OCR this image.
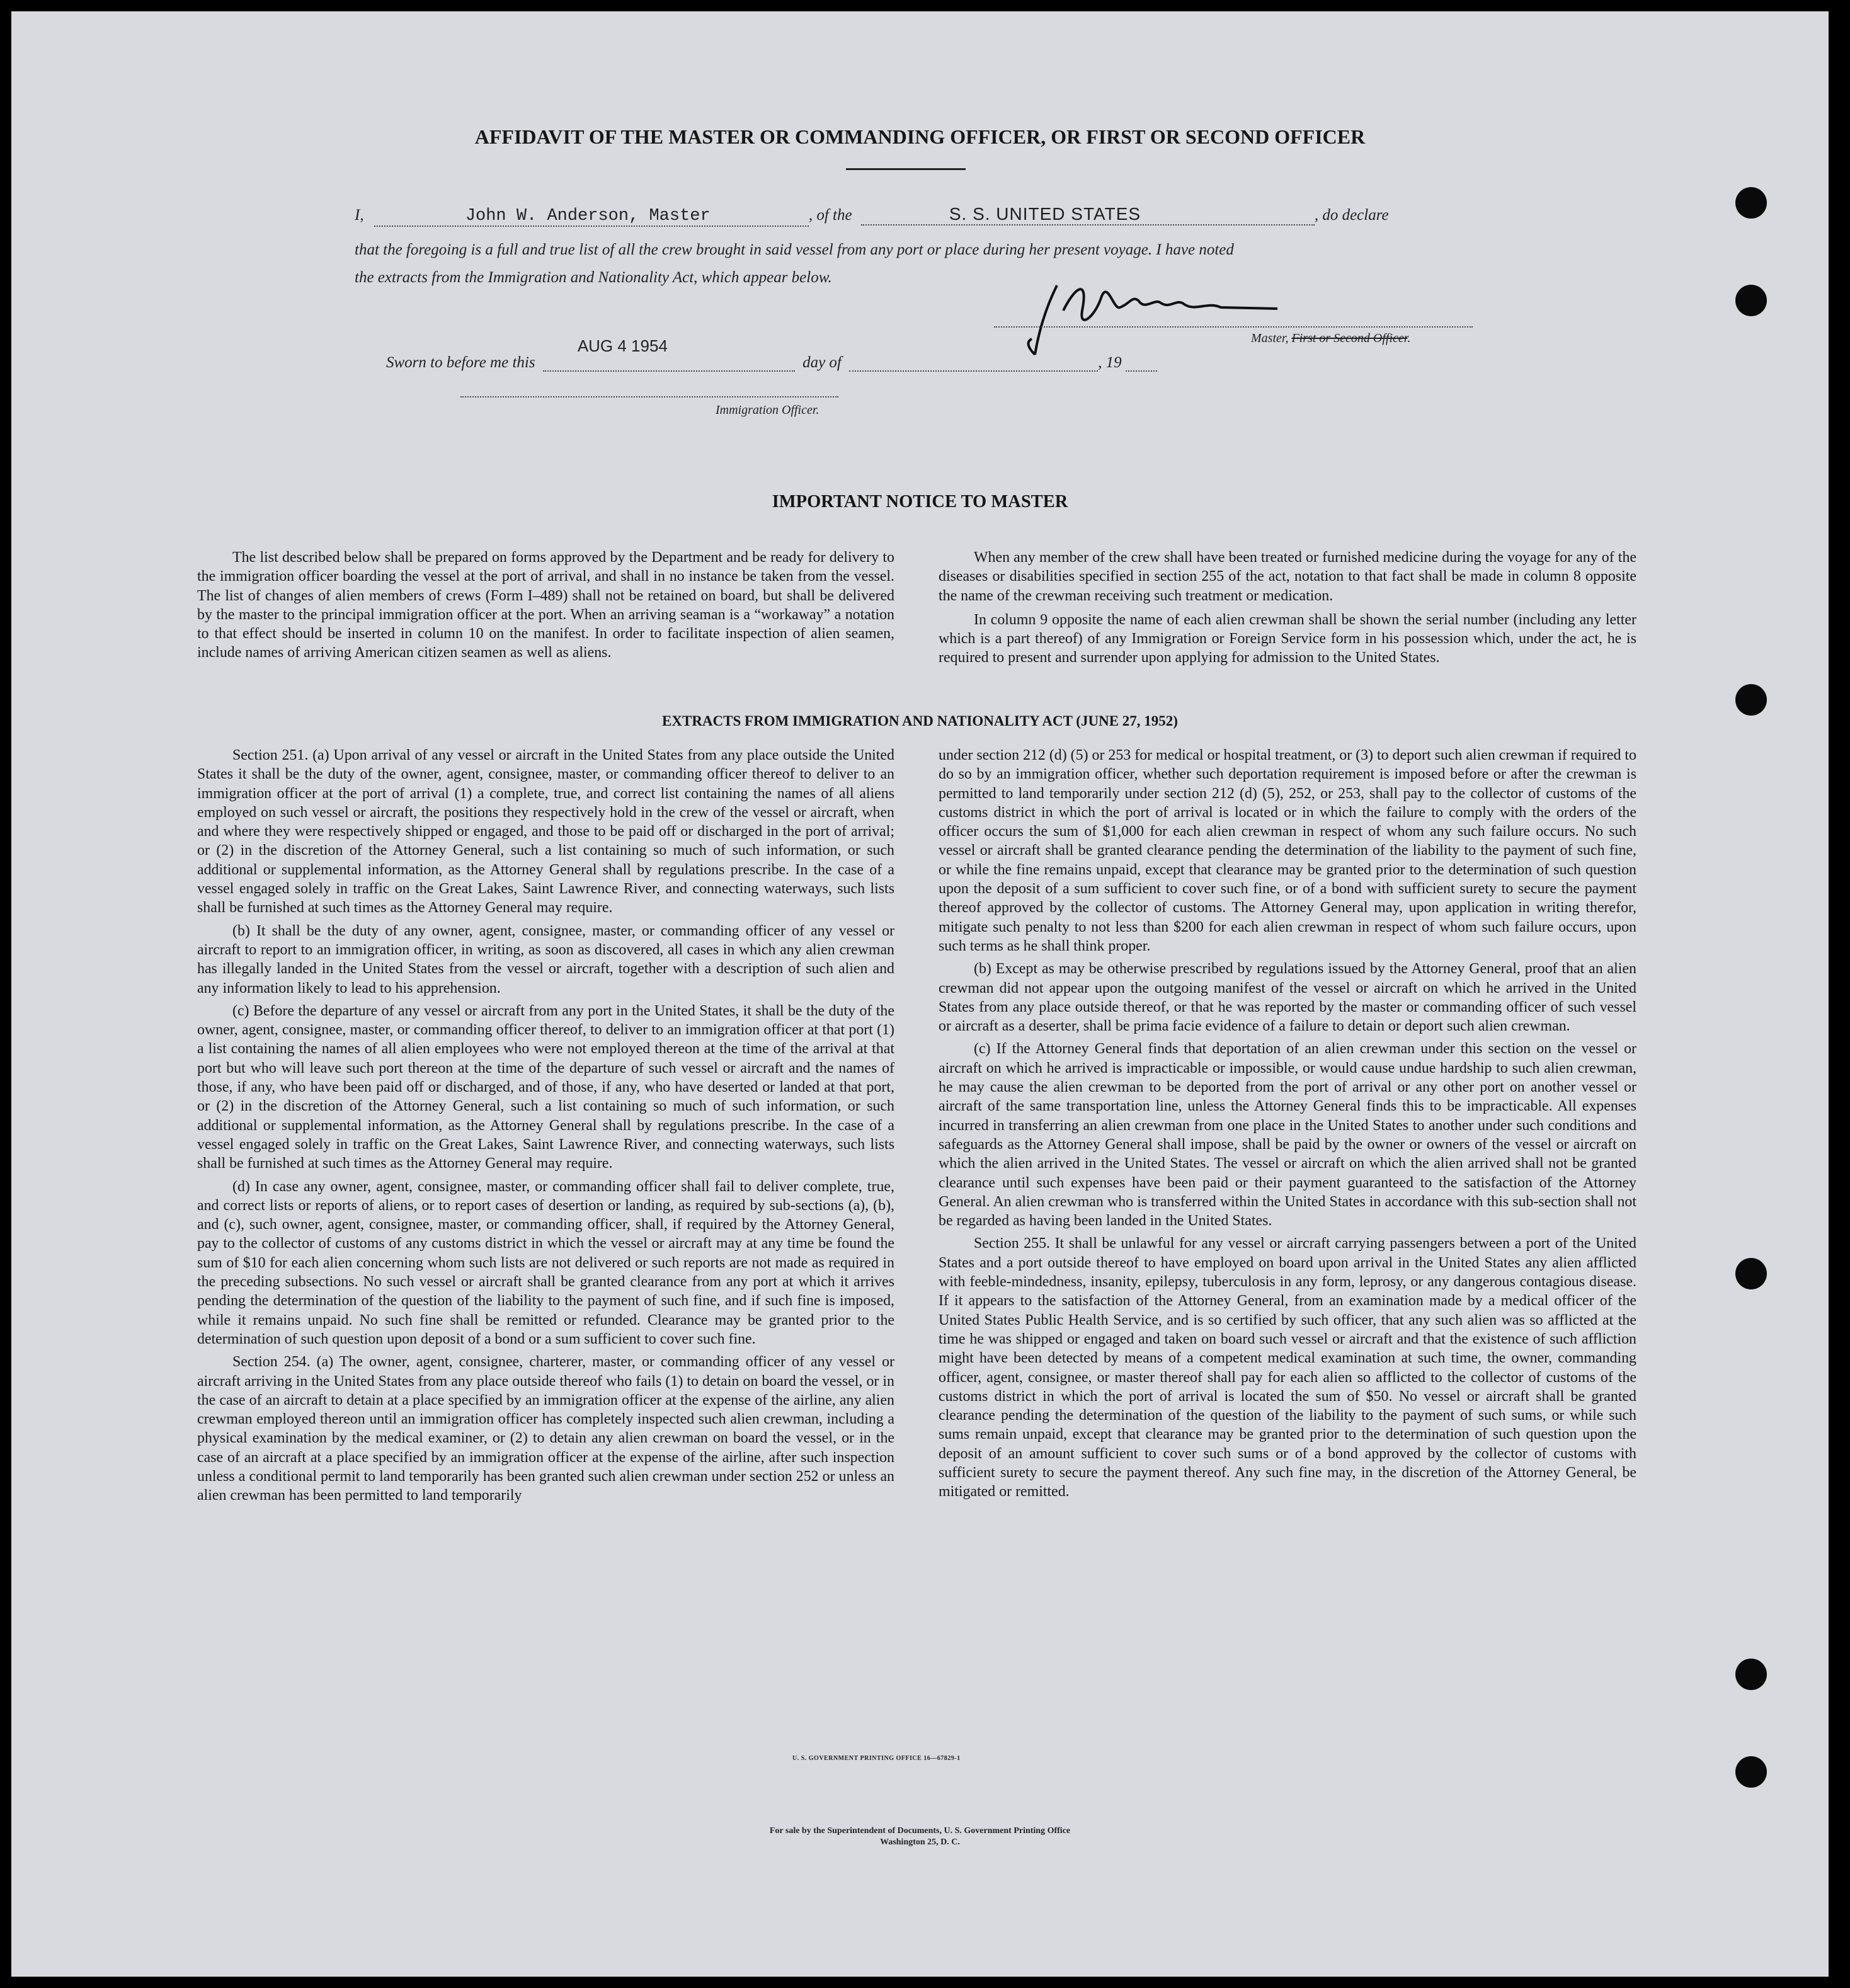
AFFIDAVIT OF THE MASTER OR COMMANDING OFFICER, OR FIRST OR SECOND OFFICER
I,	John W. Anderson, Master	, of the	S. S. UNITED STATES	, do declare
that the foregoing is a full and true list of all the crew brought in said vessel from any port or place during her present voyage. I have noted
the extracts from the Immigration and Nationality Act, which appear below.
Master, First or Second Officer.
Sworn to before me this
AUG 4 1954
day of	, 19
Immigration Officer.
IMPORTANT NOTICE TO MASTER

The list described below shall be prepared on forms approved by the Department and be ready for delivery to the immigration officer boarding the vessel at the port of arrival, and shall in no instance be taken from the vessel. The list of changes of alien members of crews (Form I–489) shall not be retained on board, but shall be delivered by the master to the principal immigration officer at the port. When an arriving seaman is a “workaway” a notation to that effect should be inserted in column 10 on the manifest. In order to facilitate inspection of alien seamen, include names of arriving American citizen seamen as well as aliens.

When any member of the crew shall have been treated or furnished medicine during the voyage for any of the diseases or disabilities specified in section 255 of the act, notation to that fact shall be made in column 8 opposite the name of the crewman receiving such treatment or medication.

In column 9 opposite the name of each alien crewman shall be shown the serial number (including any letter which is a part thereof) of any Immigration or Foreign Service form in his possession which, under the act, he is required to present and surrender upon applying for admission to the United States.

EXTRACTS FROM IMMIGRATION AND NATIONALITY ACT (JUNE 27, 1952)

Section 251. (a) Upon arrival of any vessel or aircraft in the United States from any place outside the United States it shall be the duty of the owner, agent, consignee, master, or commanding officer thereof to deliver to an immigration officer at the port of arrival (1) a complete, true, and correct list containing the names of all aliens employed on such vessel or aircraft, the positions they respectively hold in the crew of the vessel or aircraft, when and where they were respectively shipped or engaged, and those to be paid off or discharged in the port of arrival; or (2) in the discretion of the Attorney General, such a list containing so much of such information, or such additional or supplemental information, as the Attorney General shall by regulations prescribe. In the case of a vessel engaged solely in traffic on the Great Lakes, Saint Lawrence River, and connecting waterways, such lists shall be furnished at such times as the Attorney General may require.

(b) It shall be the duty of any owner, agent, consignee, master, or commanding officer of any vessel or aircraft to report to an immigration officer, in writing, as soon as discovered, all cases in which any alien crewman has illegally landed in the United States from the vessel or aircraft, together with a description of such alien and any information likely to lead to his apprehension.

(c) Before the departure of any vessel or aircraft from any port in the United States, it shall be the duty of the owner, agent, consignee, master, or commanding officer thereof, to deliver to an immigration officer at that port (1) a list containing the names of all alien employees who were not employed thereon at the time of the arrival at that port but who will leave such port thereon at the time of the departure of such vessel or aircraft and the names of those, if any, who have been paid off or discharged, and of those, if any, who have deserted or landed at that port, or (2) in the discretion of the Attorney General, such a list containing so much of such information, or such additional or supplemental information, as the Attorney General shall by regulations prescribe. In the case of a vessel engaged solely in traffic on the Great Lakes, Saint Lawrence River, and connecting waterways, such lists shall be furnished at such times as the Attorney General may require.

(d) In case any owner, agent, consignee, master, or commanding officer shall fail to deliver complete, true, and correct lists or reports of aliens, or to report cases of desertion or landing, as required by sub-sections (a), (b), and (c), such owner, agent, consignee, master, or commanding officer, shall, if required by the Attorney General, pay to the collector of customs of any customs district in which the vessel or aircraft may at any time be found the sum of $10 for each alien concerning whom such lists are not delivered or such reports are not made as required in the preceding subsections. No such vessel or aircraft shall be granted clearance from any port at which it arrives pending the determination of the question of the liability to the payment of such fine, and if such fine is imposed, while it remains unpaid. No such fine shall be remitted or refunded. Clearance may be granted prior to the determination of such question upon deposit of a bond or a sum sufficient to cover such fine.

Section 254. (a) The owner, agent, consignee, charterer, master, or commanding officer of any vessel or aircraft arriving in the United States from any place outside thereof who fails (1) to detain on board the vessel, or in the case of an aircraft to detain at a place specified by an immigration officer at the expense of the airline, any alien crewman employed thereon until an immigration officer has completely inspected such alien crewman, including a physical examination by the medical examiner, or (2) to detain any alien crewman on board the vessel, or in the case of an aircraft at a place specified by an immigration officer at the expense of the airline, after such inspection unless a conditional permit to land temporarily has been granted such alien crewman under section 252 or unless an alien crewman has been permitted to land temporarily

under section 212 (d) (5) or 253 for medical or hospital treatment, or (3) to deport such alien crewman if required to do so by an immigration officer, whether such deportation requirement is imposed before or after the crewman is permitted to land temporarily under section 212 (d) (5), 252, or 253, shall pay to the collector of customs of the customs district in which the port of arrival is located or in which the failure to comply with the orders of the officer occurs the sum of $1,000 for each alien crewman in respect of whom any such failure occurs. No such vessel or aircraft shall be granted clearance pending the determination of the liability to the payment of such fine, or while the fine remains unpaid, except that clearance may be granted prior to the determination of such question upon the deposit of a sum sufficient to cover such fine, or of a bond with sufficient surety to secure the payment thereof approved by the collector of customs. The Attorney General may, upon application in writing therefor, mitigate such penalty to not less than $200 for each alien crewman in respect of whom such failure occurs, upon such terms as he shall think proper.

(b) Except as may be otherwise prescribed by regulations issued by the Attorney General, proof that an alien crewman did not appear upon the outgoing manifest of the vessel or aircraft on which he arrived in the United States from any place outside thereof, or that he was reported by the master or commanding officer of such vessel or aircraft as a deserter, shall be prima facie evidence of a failure to detain or deport such alien crewman.

(c) If the Attorney General finds that deportation of an alien crewman under this section on the vessel or aircraft on which he arrived is impracticable or impossible, or would cause undue hardship to such alien crewman, he may cause the alien crewman to be deported from the port of arrival or any other port on another vessel or aircraft of the same transportation line, unless the Attorney General finds this to be impracticable. All expenses incurred in transferring an alien crewman from one place in the United States to another under such conditions and safeguards as the Attorney General shall impose, shall be paid by the owner or owners of the vessel or aircraft on which the alien arrived in the United States. The vessel or aircraft on which the alien arrived shall not be granted clearance until such expenses have been paid or their payment guaranteed to the satisfaction of the Attorney General. An alien crewman who is transferred within the United States in accordance with this sub-section shall not be regarded as having been landed in the United States.

Section 255. It shall be unlawful for any vessel or aircraft carrying passengers between a port of the United States and a port outside thereof to have employed on board upon arrival in the United States any alien afflicted with feeble-mindedness, insanity, epilepsy, tuberculosis in any form, leprosy, or any dangerous contagious disease. If it appears to the satisfaction of the Attorney General, from an examination made by a medical officer of the United States Public Health Service, and is so certified by such officer, that any such alien was so afflicted at the time he was shipped or engaged and taken on board such vessel or aircraft and that the existence of such affliction might have been detected by means of a competent medical examination at such time, the owner, commanding officer, agent, consignee, or master thereof shall pay for each alien so afflicted to the collector of customs of the customs district in which the port of arrival is located the sum of $50. No vessel or aircraft shall be granted clearance pending the determination of the question of the liability to the payment of such sums, or while such sums remain unpaid, except that clearance may be granted prior to the determination of such question upon the deposit of an amount sufficient to cover such sums or of a bond approved by the collector of customs with sufficient surety to secure the payment thereof. Any such fine may, in the discretion of the Attorney General, be mitigated or remitted.

U. S. GOVERNMENT PRINTING OFFICE 16—67829-1
For sale by the Superintendent of Documents, U. S. Government Printing Office
Washington 25, D. C.
